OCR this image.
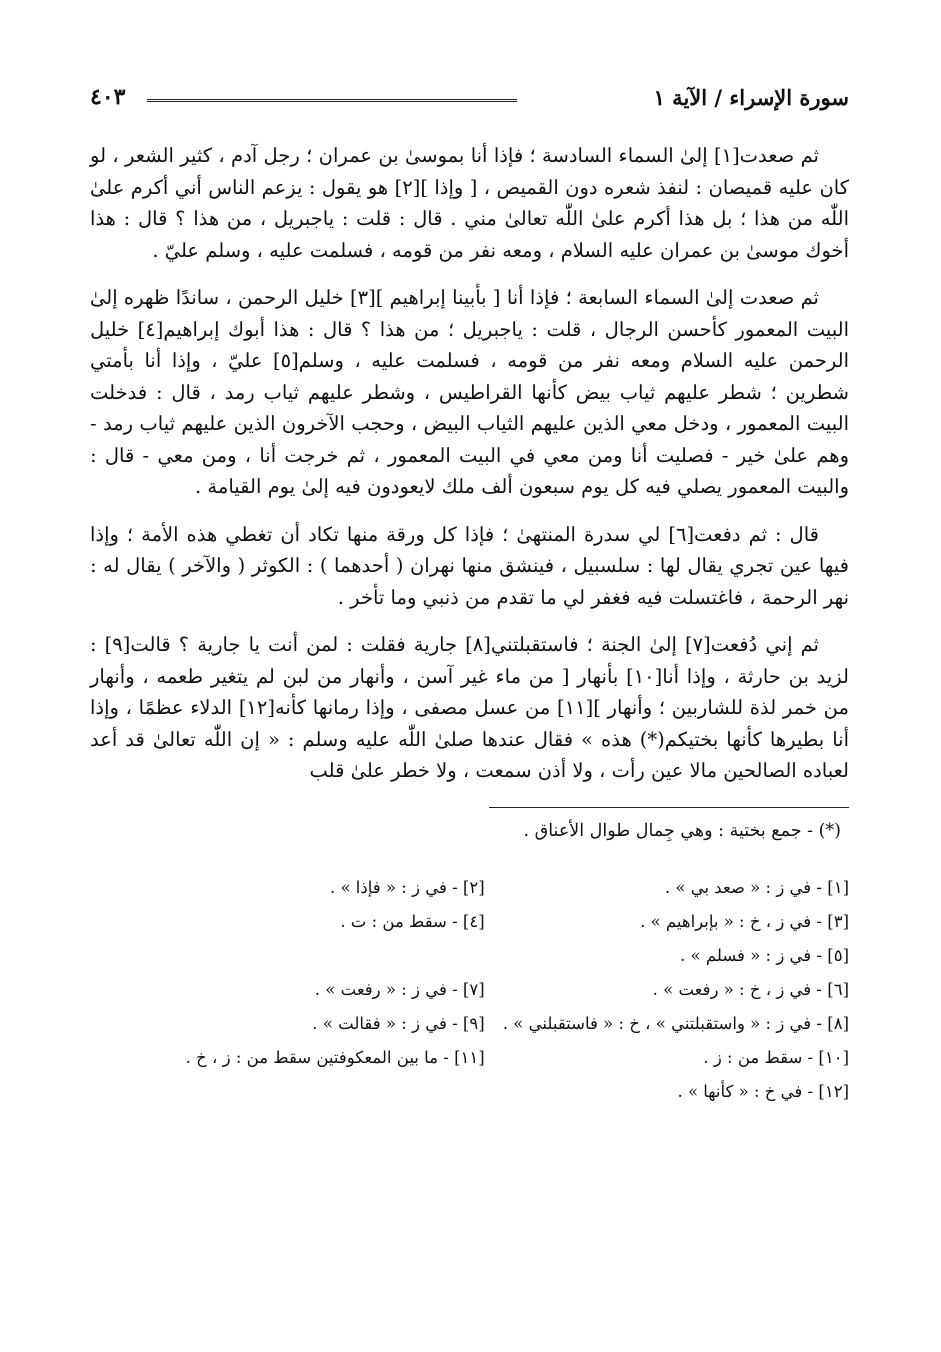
سورة الإسراء / الآية ١
٤٠٣

ثم صعدت[١] إلىٰ السماء السادسة ؛ فإذا أنا بموسىٰ بن عمران ؛ رجل آدم ، كثير الشعر ، لو كان عليه قميصان : لنفذ شعره دون القميص ، [ وإذا ][٢] هو يقول : يزعم الناس أني أكرم علىٰ اللّٰه من هذا ؛ بل هذا أكرم علىٰ اللّٰه تعالىٰ مني . قال : قلت : ياجبريل ، من هذا ؟ قال : هذا أخوك موسىٰ بن عمران عليه السلام ، ومعه نفر من قومه ، فسلمت عليه ، وسلم عليّ .

ثم صعدت إلىٰ السماء السابعة ؛ فإذا أنا [ بأبينا إبراهيم ][٣] خليل الرحمن ، ساندًا ظهره إلىٰ البيت المعمور كأحسن الرجال ، قلت : ياجبريل ؛ من هذا ؟ قال : هذا أبوك إبراهيم[٤] خليل الرحمن عليه السلام ومعه نفر من قومه ، فسلمت عليه ، وسلم[٥] عليّ ، وإذا أنا بأمتي شطرين ؛ شطر عليهم ثياب بيض كأنها القراطيس ، وشطر عليهم ثياب رمد ، قال : فدخلت البيت المعمور ، ودخل معي الذين عليهم الثياب البيض ، وحجب الآخرون الذين عليهم ثياب رمد - وهم علىٰ خير - فصليت أنا ومن معي في البيت المعمور ، ثم خرجت أنا ، ومن معي - قال : والبيت المعمور يصلي فيه كل يوم سبعون ألف ملك لايعودون فيه إلىٰ يوم القيامة .

قال : ثم دفعت[٦] لي سدرة المنتهىٰ ؛ فإذا كل ورقة منها تكاد أن تغطي هذه الأمة ؛ وإذا فيها عين تجري يقال لها : سلسبيل ، فينشق منها نهران ( أحدهما ) : الكوثر ( والآخر ) يقال له : نهر الرحمة ، فاغتسلت فيه فغفر لي ما تقدم من ذنبي وما تأخر .

ثم إني دُفعت[٧] إلىٰ الجنة ؛ فاستقبلتني[٨] جارية فقلت : لمن أنت يا جارية ؟ قالت[٩] : لزيد بن حارثة ، وإذا أنا[١٠] بأنهار [ من ماء غير آسن ، وأنهار من لبن لم يتغير طعمه ، وأنهار من خمر لذة للشاربين ؛ وأنهار ][١١] من عسل مصفى ، وإذا رمانها كأنه[١٢] الدلاء عظمًا ، وإذا أنا بطيرها كأنها بختيكم(*) هذه » فقال عندها صلىٰ اللّٰه عليه وسلم : « إن اللّٰه تعالىٰ قد أعد لعباده الصالحين مالا عين رأت ، ولا أذن سمعت ، ولا خطر علىٰ قلب

(*) - جمع بختية : وهي جِمال طوال الأعناق .
[١] - في ز : « صعد بي » .
[٢] - في ز : « فإذا » .
[٣] - في ز ، خ : « بإبراهيم » .
[٤] - سقط من : ت .
[٥] - في ز : « فسلم » .
[٦] - في ز ، خ : « رفعت » .
[٧] - في ز : « رفعت » .
[٨] - في ز : « واستقبلتني » ، خ : « فاستقبلني » .
[٩] - في ز : « فقالت » .
[١٠] - سقط من : ز .
[١١] - ما بين المعكوفتين سقط من : ز ، خ .
[١٢] - في خ : « كأنها » .
